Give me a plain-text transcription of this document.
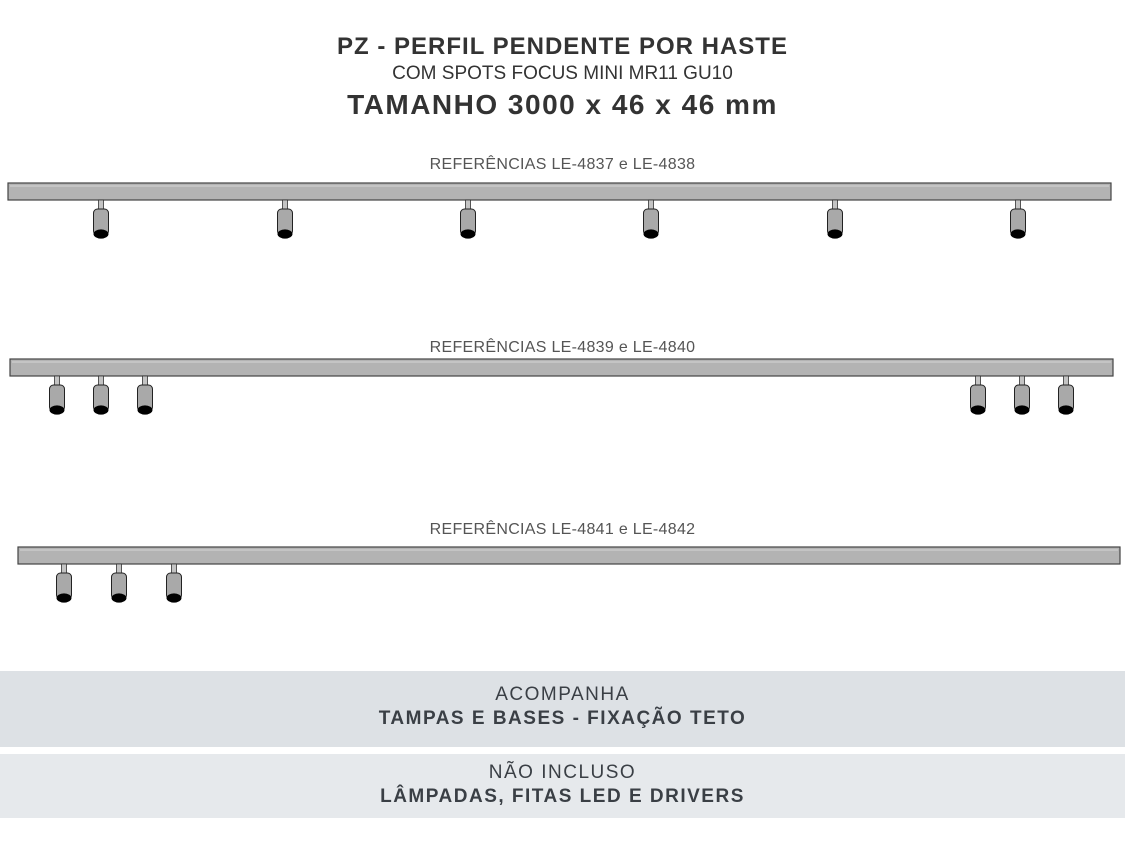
PZ - PERFIL PENDENTE POR HASTE
COM SPOTS FOCUS MINI MR11 GU10
TAMANHO 3000 x 46 x 46 mm
REFERÊNCIAS LE-4837 e LE-4838
REFERÊNCIAS LE-4839 e LE-4840
REFERÊNCIAS LE-4841 e LE-4842
ACOMPANHA
TAMPAS E BASES - FIXAÇÃO TETO
NÃO INCLUSO
LÂMPADAS, FITAS LED E DRIVERS
